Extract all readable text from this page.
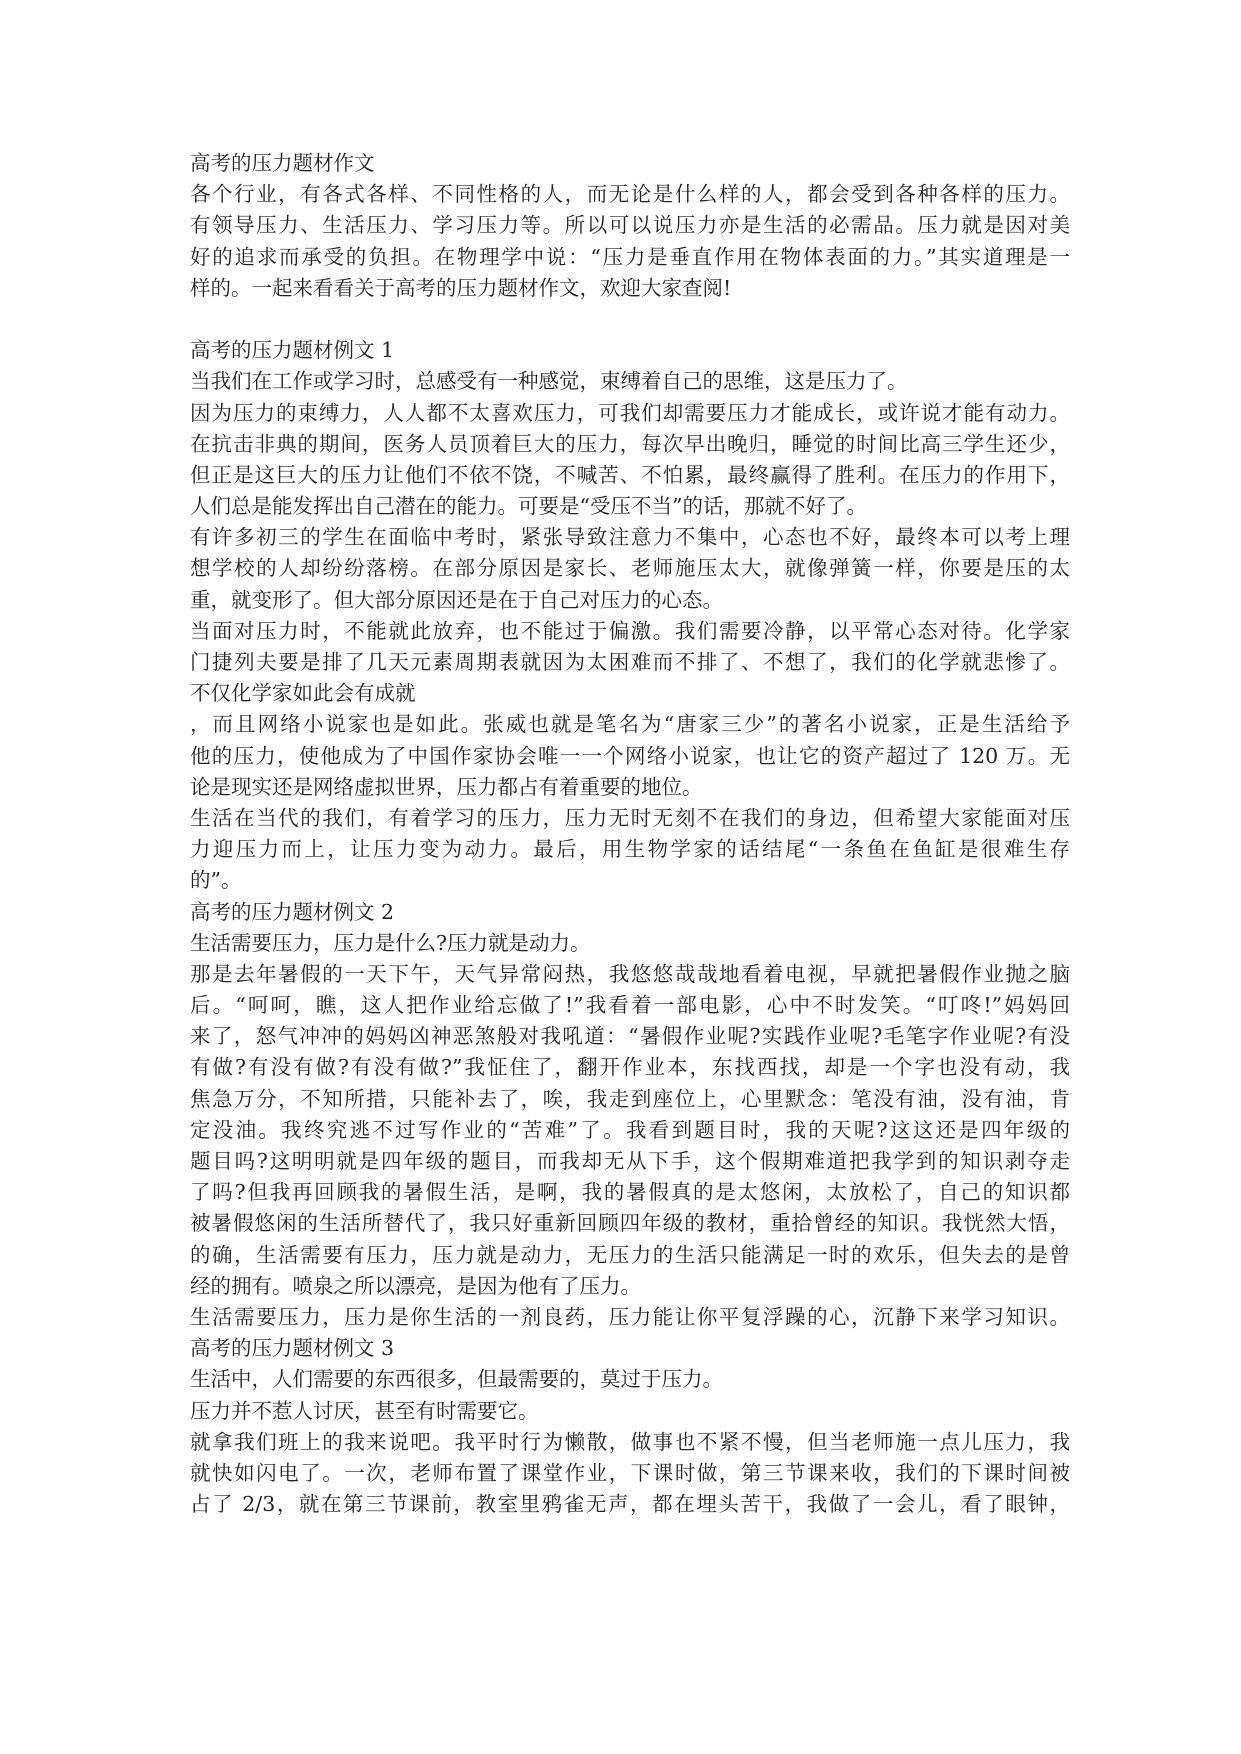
高考的压力题材作文
各个行业，有各式各样、不同性格的人，而无论是什么样的人，都会受到各种各样的压力。
有领导压力、生活压力、学习压力等。所以可以说压力亦是生活的必需品。压力就是因对美
好的追求而承受的负担。在物理学中说：“压力是垂直作用在物体表面的力。”其实道理是一
样的。一起来看看关于高考的压力题材作文，欢迎大家查阅!
高考的压力题材例文 1
当我们在工作或学习时，总感受有一种感觉，束缚着自己的思维，这是压力了。
因为压力的束缚力，人人都不太喜欢压力，可我们却需要压力才能成长，或许说才能有动力。
在抗击非典的期间，医务人员顶着巨大的压力，每次早出晚归，睡觉的时间比高三学生还少，
但正是这巨大的压力让他们不依不饶，不喊苦、不怕累，最终赢得了胜利。在压力的作用下，
人们总是能发挥出自己潜在的能力。可要是“受压不当”的话，那就不好了。
有许多初三的学生在面临中考时，紧张导致注意力不集中，心态也不好，最终本可以考上理
想学校的人却纷纷落榜。在部分原因是家长、老师施压太大，就像弹簧一样，你要是压的太
重，就变形了。但大部分原因还是在于自己对压力的心态。
当面对压力时，不能就此放弃，也不能过于偏激。我们需要冷静，以平常心态对待。化学家
门捷列夫要是排了几天元素周期表就因为太困难而不排了、不想了，我们的化学就悲惨了。
不仅化学家如此会有成就
，而且网络小说家也是如此。张威也就是笔名为“唐家三少”的著名小说家，正是生活给予
他的压力，使他成为了中国作家协会唯一一个网络小说家，也让它的资产超过了 120 万。无
论是现实还是网络虚拟世界，压力都占有着重要的地位。
生活在当代的我们，有着学习的压力，压力无时无刻不在我们的身边，但希望大家能面对压
力迎压力而上，让压力变为动力。最后，用生物学家的话结尾“一条鱼在鱼缸是很难生存
的”。
高考的压力题材例文 2
生活需要压力，压力是什么?压力就是动力。
那是去年暑假的一天下午，天气异常闷热，我悠悠哉哉地看着电视，早就把暑假作业抛之脑
后。“呵呵，瞧，这人把作业给忘做了!”我看着一部电影，心中不时发笑。“叮咚!”妈妈回
来了，怒气冲冲的妈妈凶神恶煞般对我吼道：“暑假作业呢?实践作业呢?毛笔字作业呢?有没
有做?有没有做?有没有做?”我怔住了，翻开作业本，东找西找，却是一个字也没有动，我
焦急万分，不知所措，只能补去了，唉，我走到座位上，心里默念：笔没有油，没有油，肯
定没油。我终究逃不过写作业的“苦难”了。我看到题目时，我的天呢?这这还是四年级的
题目吗?这明明就是四年级的题目，而我却无从下手，这个假期难道把我学到的知识剥夺走
了吗?但我再回顾我的暑假生活，是啊，我的暑假真的是太悠闲，太放松了，自己的知识都
被暑假悠闲的生活所替代了，我只好重新回顾四年级的教材，重拾曾经的知识。我恍然大悟，
的确，生活需要有压力，压力就是动力，无压力的生活只能满足一时的欢乐，但失去的是曾
经的拥有。喷泉之所以漂亮，是因为他有了压力。
生活需要压力，压力是你生活的一剂良药，压力能让你平复浮躁的心，沉静下来学习知识。
高考的压力题材例文 3
生活中，人们需要的东西很多，但最需要的，莫过于压力。
压力并不惹人讨厌，甚至有时需要它。
就拿我们班上的我来说吧。我平时行为懒散，做事也不紧不慢，但当老师施一点儿压力，我
就快如闪电了。一次，老师布置了课堂作业，下课时做，第三节课来收，我们的下课时间被
占了 2/3，就在第三节课前，教室里鸦雀无声，都在埋头苦干，我做了一会儿，看了眼钟，
